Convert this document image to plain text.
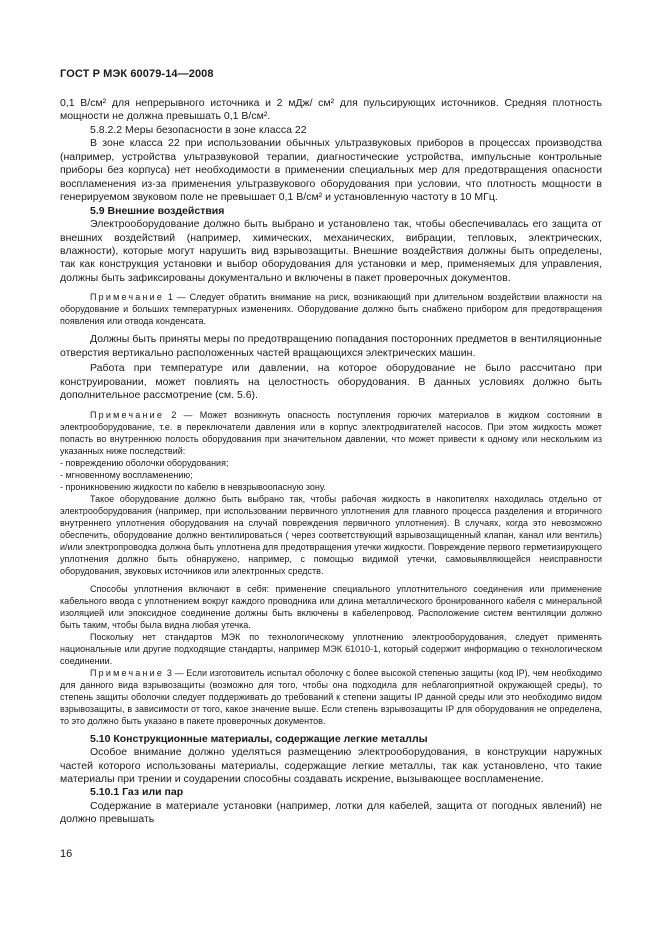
ГОСТ Р МЭК 60079-14—2008

0,1 В/см² для непрерывного источника и 2 мДж/ см² для пульсирующих источников. Средняя плотность мощности не должна превышать 0,1 В/см².

5.8.2.2 Меры безопасности в зоне класса 22

В зоне класса 22 при использовании обычных ультразвуковых приборов в процессах производства (например, устройства ультразвуковой терапии, диагностические устройства, импульсные контрольные приборы без корпуса) нет необходимости в применении специальных мер для предотвращения опасности воспламенения из-за применения ультразвукового оборудования при условии, что плотность мощности в генерируемом звуковом поле не превышает 0,1 В/см² и установленную частоту в 10 МГц.

5.9 Внешние воздействия

Электрооборудование должно быть выбрано и установлено так, чтобы обеспечивалась его защита от внешних воздействий (например, химических, механических, вибрации, тепловых, электрических, влажности), которые могут нарушить вид взрывозащиты. Внешние воздействия должны быть определены, так как конструкция установки и выбор оборудования для установки и мер, применяемых для управления, должны быть зафиксированы документально и включены в пакет проверочных документов.

Примечание 1 — Следует обратить внимание на риск, возникающий при длительном воздействии влажности на оборудование и больших температурных изменениях. Оборудование должно быть снабжено прибором для предотвращения появления или отвода конденсата.

Должны быть приняты меры по предотвращению попадания посторонних предметов в вентиляционные отверстия вертикально расположенных частей вращающихся электрических машин.

Работа при температуре или давлении, на которое оборудование не было рассчитано при конструировании, может повлиять на целостность оборудования. В данных условиях должно быть дополнительное рассмотрение (см. 5.6).

Примечание 2 — Может возникнуть опасность поступления горючих материалов в жидком состоянии в электрооборудование, т.е. в переключатели давления или в корпус электродвигателей насосов. При этом жидкость может попасть во внутреннюю полость оборудования при значительном давлении, что может привести к одному или нескольким из указанных ниже последствий:

- повреждению оболочки оборудования;

- мгновенному воспламенению;

- проникновению жидкости по кабелю в невзрывоопасную зону.

Такое оборудование должно быть выбрано так, чтобы рабочая жидкость в накопителях находилась отдельно от электрооборудования (например, при использовании первичного уплотнения для главного процесса разделения и вторичного внутреннего уплотнения оборудования на случай повреждения первичного уплотнения). В случаях, когда это невозможно обеспечить, оборудование должно вентилироваться ( через соответствующий взрывозащищенный клапан, канал или вентиль) и/или электропроводка должна быть уплотнена для предотвращения утечки жидкости. Повреждение первого герметизирующего уплотнения должно быть обнаружено, например, с помощью видимой утечки, самовыявляющейся неисправности оборудования, звуковых источников или электронных средств.

Способы уплотнения включают в себя: применение специального уплотнительного соединения или применение кабельного ввода с уплотнением вокруг каждого проводника или длина металлического бронированного кабеля с минеральной изоляцией или эпоксидное соединение должны быть включены в кабелепровод. Расположение систем вентиляции должно быть таким, чтобы была видна любая утечка.

Поскольку нет стандартов МЭК по технологическому уплотнению электрооборудования, следует применять национальные или другие подходящие стандарты, например МЭК 61010-1, который содержит информацию о технологическом соединении.

Примечание 3 — Если изготовитель испытал оболочку с более высокой степенью защиты (код IP), чем необходимо для данного вида взрывозащиты (возможно для того, чтобы она подходила для неблагоприятной окружающей среды), то степень защиты оболочки следует поддерживать до требований к степени защиты IP данной среды или это необходимо видом взрывозащиты, в зависимости от того, какое значение выше. Если степень взрывозащиты IP для оборудования не определена, то это должно быть указано в пакете проверочных документов.

5.10 Конструкционные материалы, содержащие легкие металлы

Особое внимание должно уделяться размещению электрооборудования, в конструкции наружных частей которого использованы материалы, содержащие легкие металлы, так как установлено, что такие материалы при трении и соударении способны создавать искрение, вызывающее воспламенение.

5.10.1 Газ или пар

Содержание в материале установки (например, лотки для кабелей, защита от погодных явлений) не должно превышать

16
